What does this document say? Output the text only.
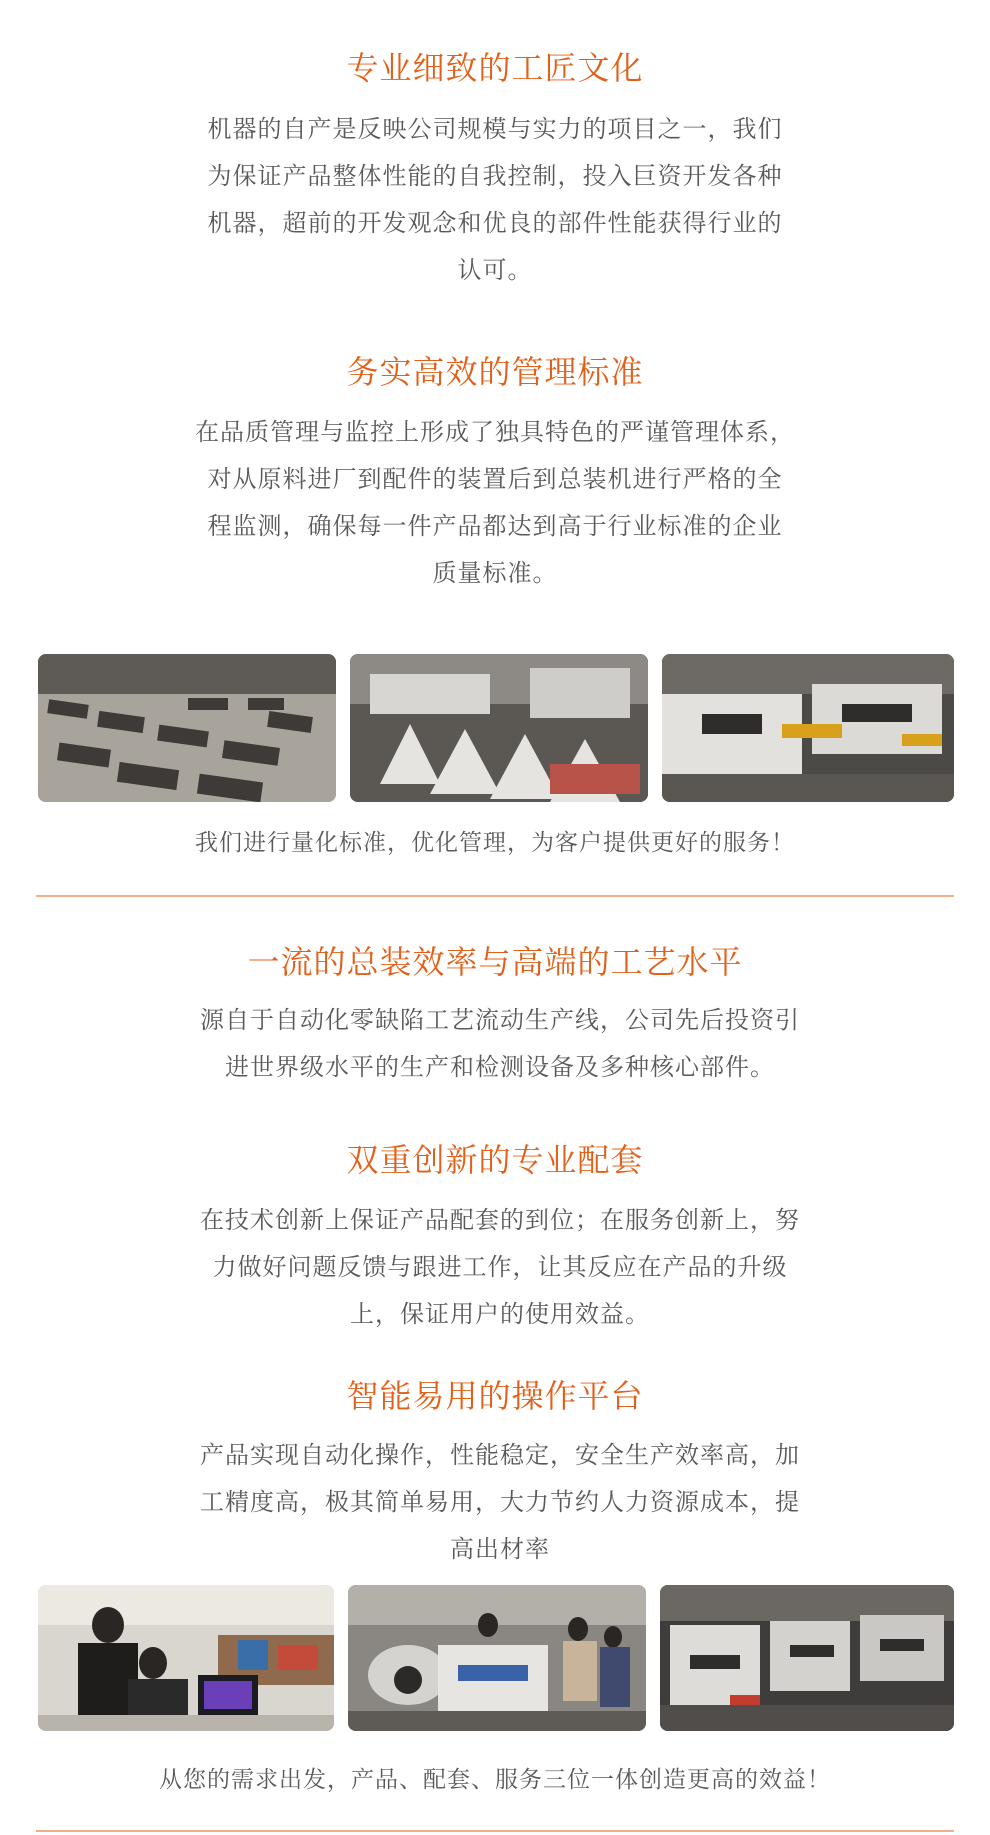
专业细致的工匠文化

机器的自产是反映公司规模与实力的项目之一，我们
为保证产品整体性能的自我控制，投入巨资开发各种
机器，超前的开发观念和优良的部件性能获得行业的
认可。

务实高效的管理标准

在品质管理与监控上形成了独具特色的严谨管理体系，
对从原料进厂到配件的装置后到总装机进行严格的全
程监测，确保每一件产品都达到高于行业标准的企业
质量标准。

我们进行量化标准，优化管理，为客户提供更好的服务！
一流的总装效率与高端的工艺水平

源自于自动化零缺陷工艺流动生产线，公司先后投资引
进世界级水平的生产和检测设备及多种核心部件。

双重创新的专业配套

在技术创新上保证产品配套的到位；在服务创新上，努
力做好问题反馈与跟进工作，让其反应在产品的升级
上，保证用户的使用效益。

智能易用的操作平台

产品实现自动化操作，性能稳定，安全生产效率高，加
工精度高，极其简单易用，大力节约人力资源成本，提
高出材率

从您的需求出发，产品、配套、服务三位一体创造更高的效益！
